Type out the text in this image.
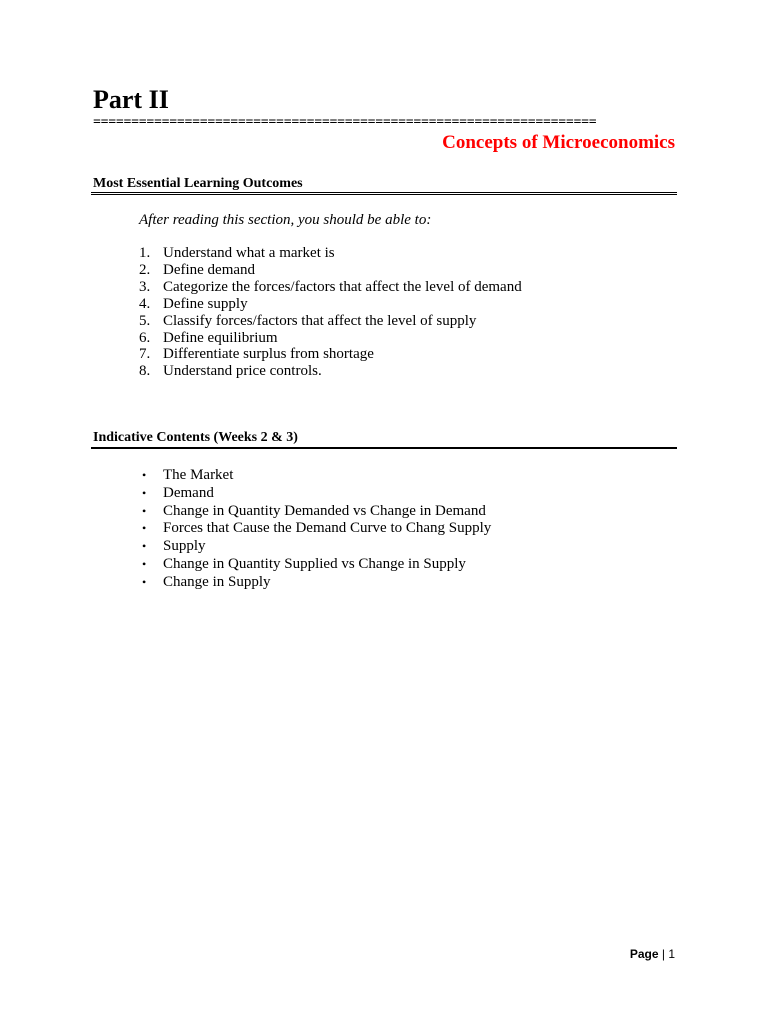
Part II
==================================================================
Concepts of Microeconomics
Most Essential Learning Outcomes

After reading this section, you should be able to:

1. Understand what a market is
2. Define demand
3. Categorize the forces/factors that affect the level of demand
4. Define supply
5. Classify forces/factors that affect the level of supply
6. Define equilibrium
7. Differentiate surplus from shortage
8. Understand price controls.
Indicative Contents (Weeks 2 & 3)
• The Market
• Demand
• Change in Quantity Demanded vs Change in Demand
• Forces that Cause the Demand Curve to Chang Supply
• Supply
• Change in Quantity Supplied vs Change in Supply
• Change in Supply
Page | 1
